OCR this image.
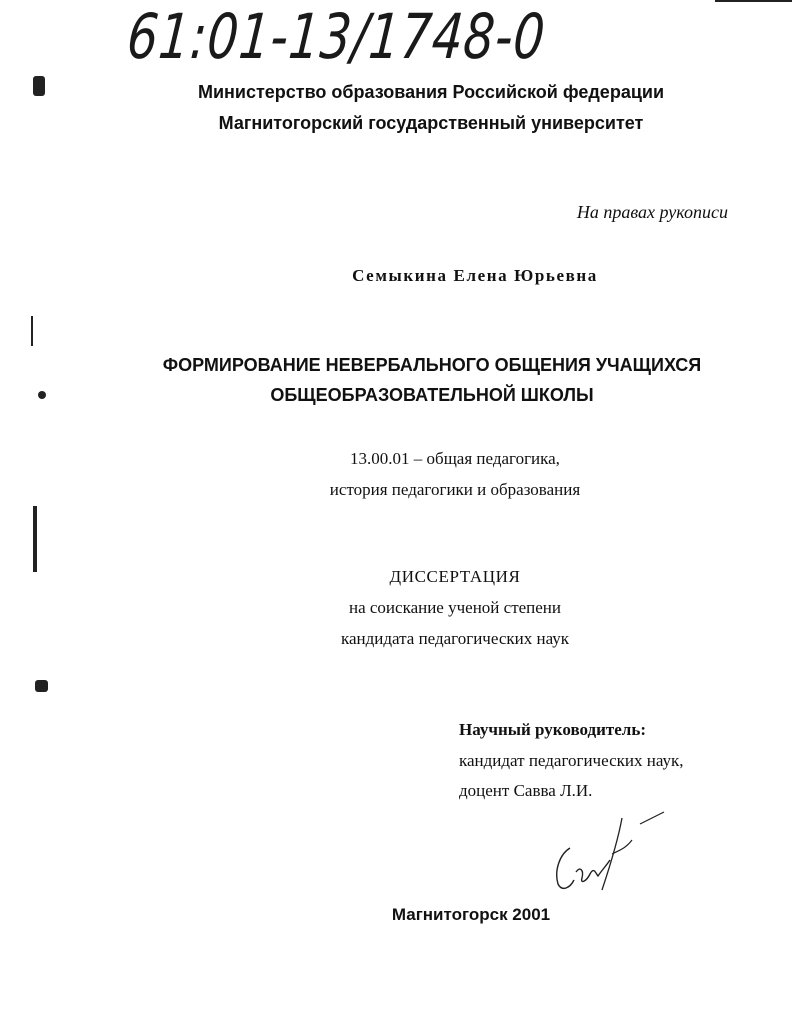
61:01-13/1748-0
Министерство образования Российской федерации
Магнитогорский государственный университет
На правах рукописи
Семыкина Елена Юрьевна
ФОРМИРОВАНИЕ НЕВЕРБАЛЬНОГО ОБЩЕНИЯ УЧАЩИХСЯ
ОБЩЕОБРАЗОВАТЕЛЬНОЙ ШКОЛЫ
13.00.01 – общая педагогика,
история педагогики и образования
ДИССЕРТАЦИЯ
на соискание ученой степени
кандидата педагогических наук
Научный руководитель:
кандидат педагогических наук,
доцент Савва Л.И.
Магнитогорск 2001
